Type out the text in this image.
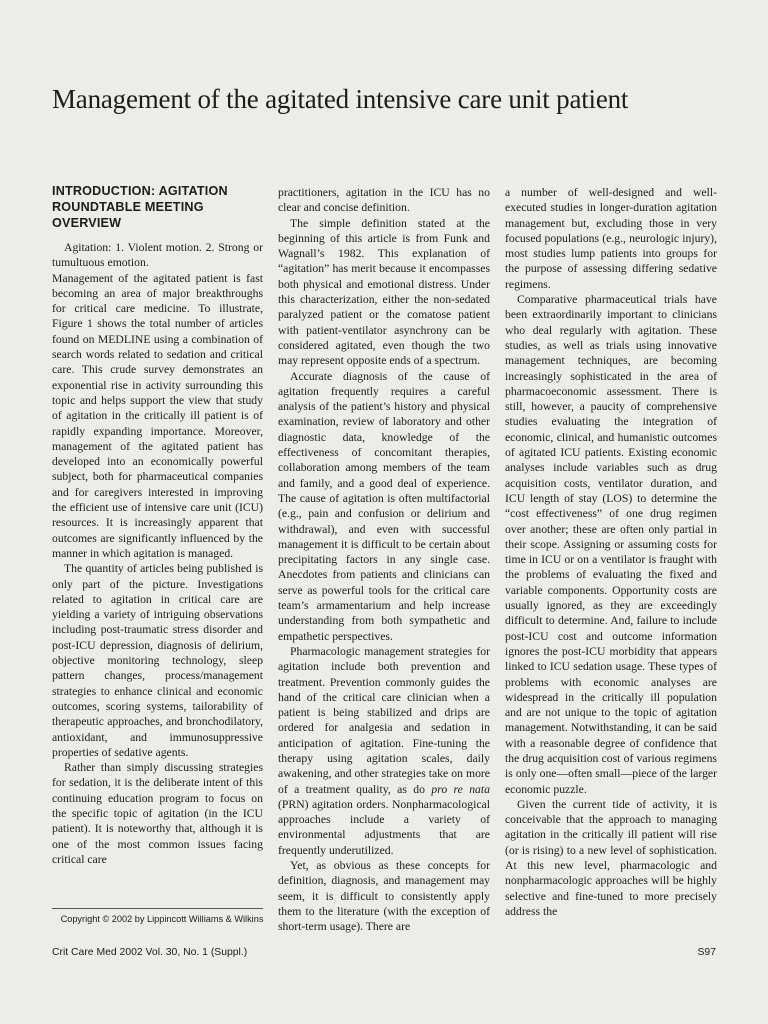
Management of the agitated intensive care unit patient
INTRODUCTION: AGITATION ROUNDTABLE MEETING OVERVIEW

Agitation: 1. Violent motion. 2. Strong or tumultuous emotion.

Management of the agitated patient is fast becoming an area of major breakthroughs for critical care medicine. To illustrate, Figure 1 shows the total number of articles found on MEDLINE using a combination of search words related to sedation and critical care. This crude survey demonstrates an exponential rise in activity surrounding this topic and helps support the view that study of agitation in the critically ill patient is of rapidly expanding importance. Moreover, management of the agitated patient has developed into an economically powerful subject, both for pharmaceutical companies and for caregivers interested in improving the efficient use of intensive care unit (ICU) resources. It is increasingly apparent that outcomes are significantly influenced by the manner in which agitation is managed.

The quantity of articles being published is only part of the picture. Investigations related to agitation in critical care are yielding a variety of intriguing observations including post-traumatic stress disorder and post-ICU depression, diagnosis of delirium, objective monitoring technology, sleep pattern changes, process/management strategies to enhance clinical and economic outcomes, scoring systems, tailorability of therapeutic approaches, and bronchodilatory, antioxidant, and immunosuppressive properties of sedative agents.

Rather than simply discussing strategies for sedation, it is the deliberate intent of this continuing education program to focus on the specific topic of agitation (in the ICU patient). It is noteworthy that, although it is one of the most common issues facing critical care

practitioners, agitation in the ICU has no clear and concise definition.

The simple definition stated at the beginning of this article is from Funk and Wagnall’s 1982. This explanation of “agitation” has merit because it encompasses both physical and emotional distress. Under this characterization, either the non-sedated paralyzed patient or the comatose patient with patient-ventilator asynchrony can be considered agitated, even though the two may represent opposite ends of a spectrum.

Accurate diagnosis of the cause of agitation frequently requires a careful analysis of the patient’s history and physical examination, review of laboratory and other diagnostic data, knowledge of the effectiveness of concomitant therapies, collaboration among members of the team and family, and a good deal of experience. The cause of agitation is often multifactorial (e.g., pain and confusion or delirium and withdrawal), and even with successful management it is difficult to be certain about precipitating factors in any single case. Anecdotes from patients and clinicians can serve as powerful tools for the critical care team’s armamentarium and help increase understanding from both sympathetic and empathetic perspectives.

Pharmacologic management strategies for agitation include both prevention and treatment. Prevention commonly guides the hand of the critical care clinician when a patient is being stabilized and drips are ordered for analgesia and sedation in anticipation of agitation. Fine-tuning the therapy using agitation scales, daily awakening, and other strategies take on more of a treatment quality, as do pro re nata (PRN) agitation orders. Nonpharmacological approaches include a variety of environmental adjustments that are frequently underutilized.

Yet, as obvious as these concepts for definition, diagnosis, and management may seem, it is difficult to consistently apply them to the literature (with the exception of short-term usage). There are

a number of well-designed and well-executed studies in longer-duration agitation management but, excluding those in very focused populations (e.g., neurologic injury), most studies lump patients into groups for the purpose of assessing differing sedative regimens.

Comparative pharmaceutical trials have been extraordinarily important to clinicians who deal regularly with agitation. These studies, as well as trials using innovative management techniques, are becoming increasingly sophisticated in the area of pharmacoeconomic assessment. There is still, however, a paucity of comprehensive studies evaluating the integration of economic, clinical, and humanistic outcomes of agitated ICU patients. Existing economic analyses include variables such as drug acquisition costs, ventilator duration, and ICU length of stay (LOS) to determine the “cost effectiveness” of one drug regimen over another; these are often only partial in their scope. Assigning or assuming costs for time in ICU or on a ventilator is fraught with the problems of evaluating the fixed and variable components. Opportunity costs are usually ignored, as they are exceedingly difficult to determine. And, failure to include post-ICU cost and outcome information ignores the post-ICU morbidity that appears linked to ICU sedation usage. These types of problems with economic analyses are widespread in the critically ill population and are not unique to the topic of agitation management. Notwithstanding, it can be said with a reasonable degree of confidence that the drug acquisition cost of various regimens is only one—often small—piece of the larger economic puzzle.

Given the current tide of activity, it is conceivable that the approach to managing agitation in the critically ill patient will rise (or is rising) to a new level of sophistication. At this new level, pharmacologic and nonpharmacologic approaches will be highly selective and fine-tuned to more precisely address the

Copyright © 2002 by Lippincott Williams & Wilkins
Crit Care Med 2002 Vol. 30, No. 1 (Suppl.)	S97
